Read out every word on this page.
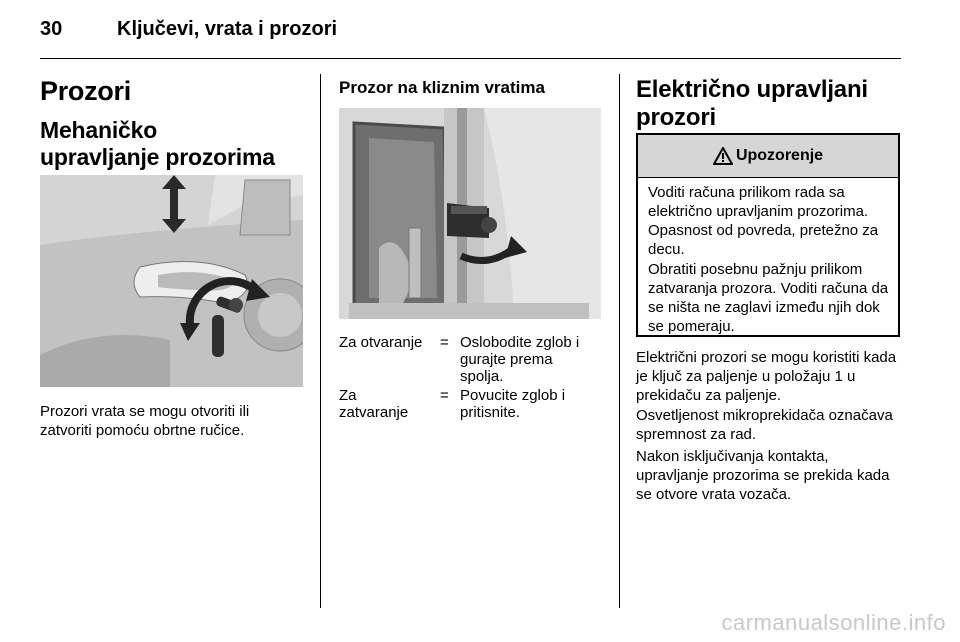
30	Ključevi, vrata i prozori
Prozori
Mehaničko upravljanje prozorima
Prozori vrata se mogu otvoriti ili zatvoriti pomoću obrtne ručice.
Prozor na kliznim vratima
Za otvaranje	= Oslobodite zglob i gurajte prema spolja.
Za zatvaranje
= Povucite zglob i pritisnite.
Električno upravljani prozori
Upozorenje
Voditi računa prilikom rada sa električno upravljanim prozorima. Opasnost od povreda, pretežno za decu.
Obratiti posebnu pažnju prilikom zatvaranja prozora. Voditi računa da se ništa ne zaglavi između njih dok se pomeraju.
Električni prozori se mogu koristiti kada je ključ za paljenje u položaju 1 u prekidaču za paljenje.
Osvetljenost mikroprekidača označava spremnost za rad.
Nakon isključivanja kontakta, upravljanje prozorima se prekida kada se otvore vrata vozača.
carmanualsonline.info
